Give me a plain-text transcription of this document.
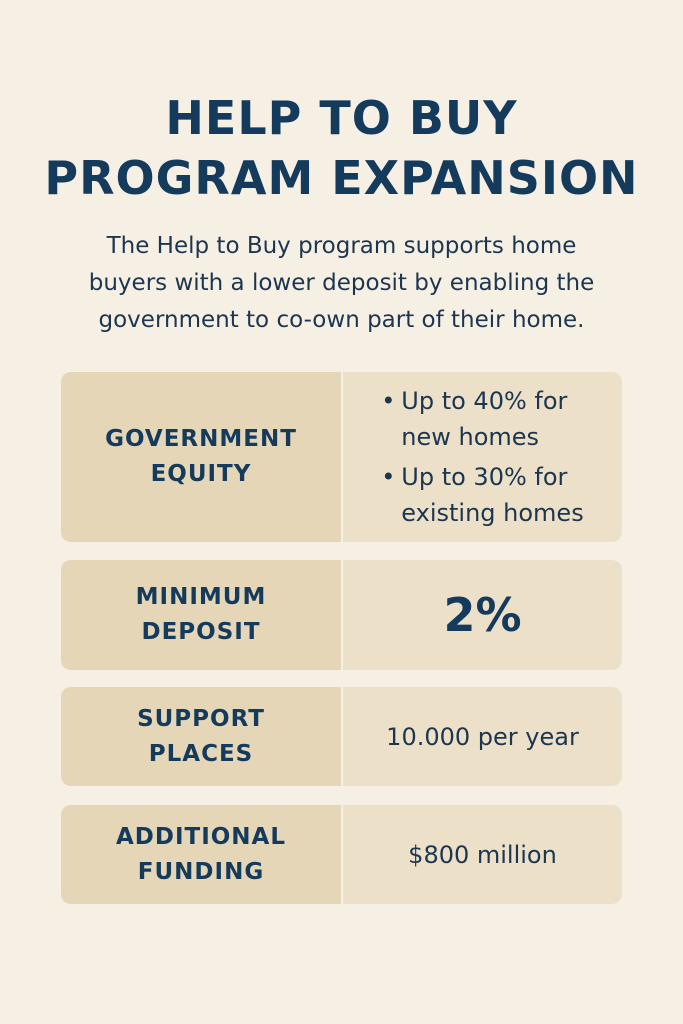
HELP TO BUY
PROGRAM EXPANSION
The Help to Buy program supports home
buyers with a lower deposit by enabling the
government to co-own part of their home.
GOVERNMENT
EQUITY
• Up to 40% for
new homes
• Up to 30% for
existing homes
MINIMUM
DEPOSIT	2%
SUPPORT
PLACES
10.000 per year
ADDITIONAL
FUNDING
$800 million
